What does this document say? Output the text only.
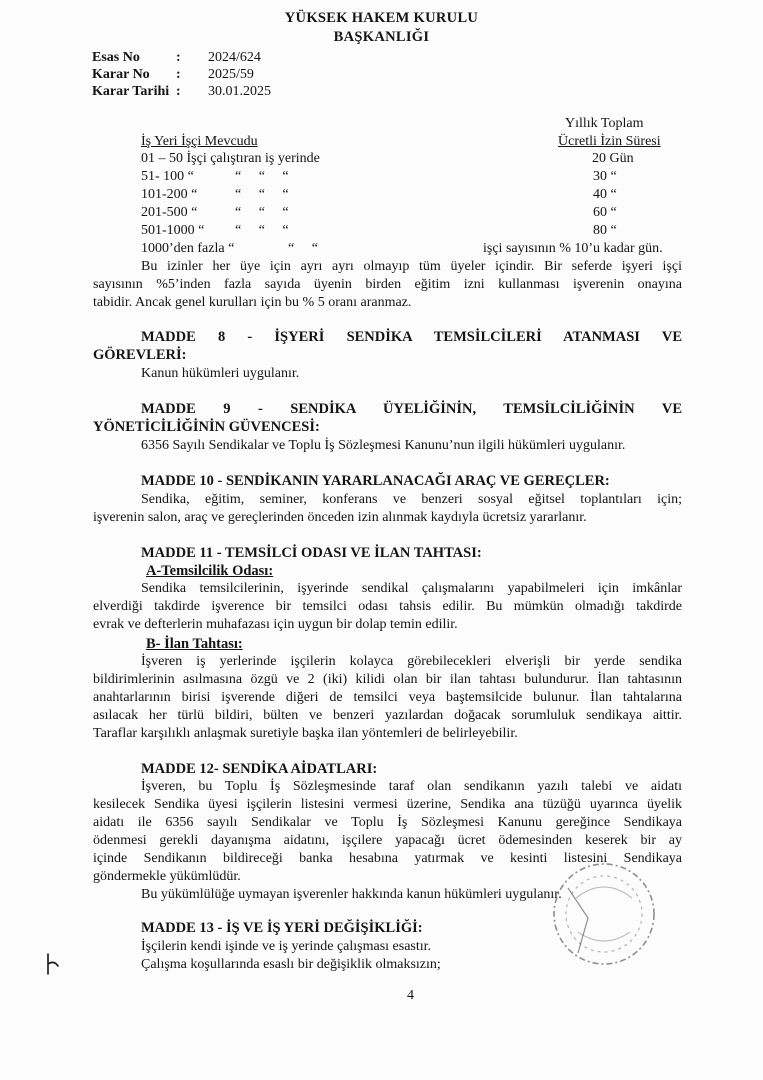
YÜKSEK HAKEM KURULU
BAŞKANLIĞI
Esas No	: 2024/624
Karar No : 2025/59
Karar Tarihi : 30.01.2025
Yıllık Toplam
İş Yeri İşçi Mevcudu	Ücretli İzin Süresi
01 – 50 İşçi çalıştıran iş yerinde	20 Gün
51- 100 “	“     “     “	30 “
101-200 “	“     “     “	40 “
201-500 “	“     “     “	60 “
501-1000 “ “     “     “	80 “
1000’den fazla “	“     “	işçi sayısının % 10’u kadar gün.
Bu izinler her üye için ayrı ayrı olmayıp tüm üyeler içindir. Bir seferde işyeri işçi
sayısının %5’inden fazla sayıda üyenin birden eğitim izni kullanması işverenin onayına
tabidir. Ancak genel kurulları için bu % 5 oranı aranmaz.
MADDE 8 - İŞYERİ SENDİKA TEMSİLCİLERİ ATANMASI VE
GÖREVLERİ:
Kanun hükümleri uygulanır.
MADDE 9 - SENDİKA ÜYELİĞİNİN, TEMSİLCİLİĞİNİN VE
YÖNETİCİLİĞİNİN GÜVENCESİ:
6356 Sayılı Sendikalar ve Toplu İş Sözleşmesi Kanunu’nun ilgili hükümleri uygulanır.
MADDE 10 - SENDİKANIN YARARLANACAĞI ARAÇ VE GEREÇLER:
Sendika, eğitim, seminer, konferans ve benzeri sosyal eğitsel toplantıları için;
işverenin salon, araç ve gereçlerinden önceden izin alınmak kaydıyla ücretsiz yararlanır.
MADDE 11 - TEMSİLCİ ODASI VE İLAN TAHTASI:
A-Temsilcilik Odası:
Sendika temsilcilerinin, işyerinde sendikal çalışmalarını yapabilmeleri için imkânlar
elverdiği takdirde işverence bir temsilci odası tahsis edilir. Bu mümkün olmadığı takdirde
evrak ve defterlerin muhafazası için uygun bir dolap temin edilir.
B- İlan Tahtası:
İşveren iş yerlerinde işçilerin kolayca görebilecekleri elverişli bir yerde sendika
bildirimlerinin asılmasına özgü ve 2 (iki) kilidi olan bir ilan tahtası bulundurur. İlan tahtasının
anahtarlarının birisi işverende diğeri de temsilci veya baştemsilcide bulunur. İlan tahtalarına
asılacak her türlü bildiri, bülten ve benzeri yazılardan doğacak sorumluluk sendikaya aittir.
Taraflar karşılıklı anlaşmak suretiyle başka ilan yöntemleri de belirleyebilir.
MADDE 12- SENDİKA AİDATLARI:
İşveren, bu Toplu İş Sözleşmesinde taraf olan sendikanın yazılı talebi ve aidatı
kesilecek Sendika üyesi işçilerin listesini vermesi üzerine, Sendika ana tüzüğü uyarınca üyelik
aidatı ile 6356 sayılı Sendikalar ve Toplu İş Sözleşmesi Kanunu gereğince Sendikaya
ödenmesi gerekli dayanışma aidatını, işçilere yapacağı ücret ödemesinden keserek bir ay
içinde Sendikanın bildireceği banka hesabına yatırmak ve kesinti listesini Sendikaya
göndermekle yükümlüdür.
Bu yükümlülüğe uymayan işverenler hakkında kanun hükümleri uygulanır.
MADDE 13 - İŞ VE İŞ YERİ DEĞİŞİKLİĞİ:
İşçilerin kendi işinde ve iş yerinde çalışması esastır.
Çalışma koşullarında esaslı bir değişiklik olmaksızın;
4
